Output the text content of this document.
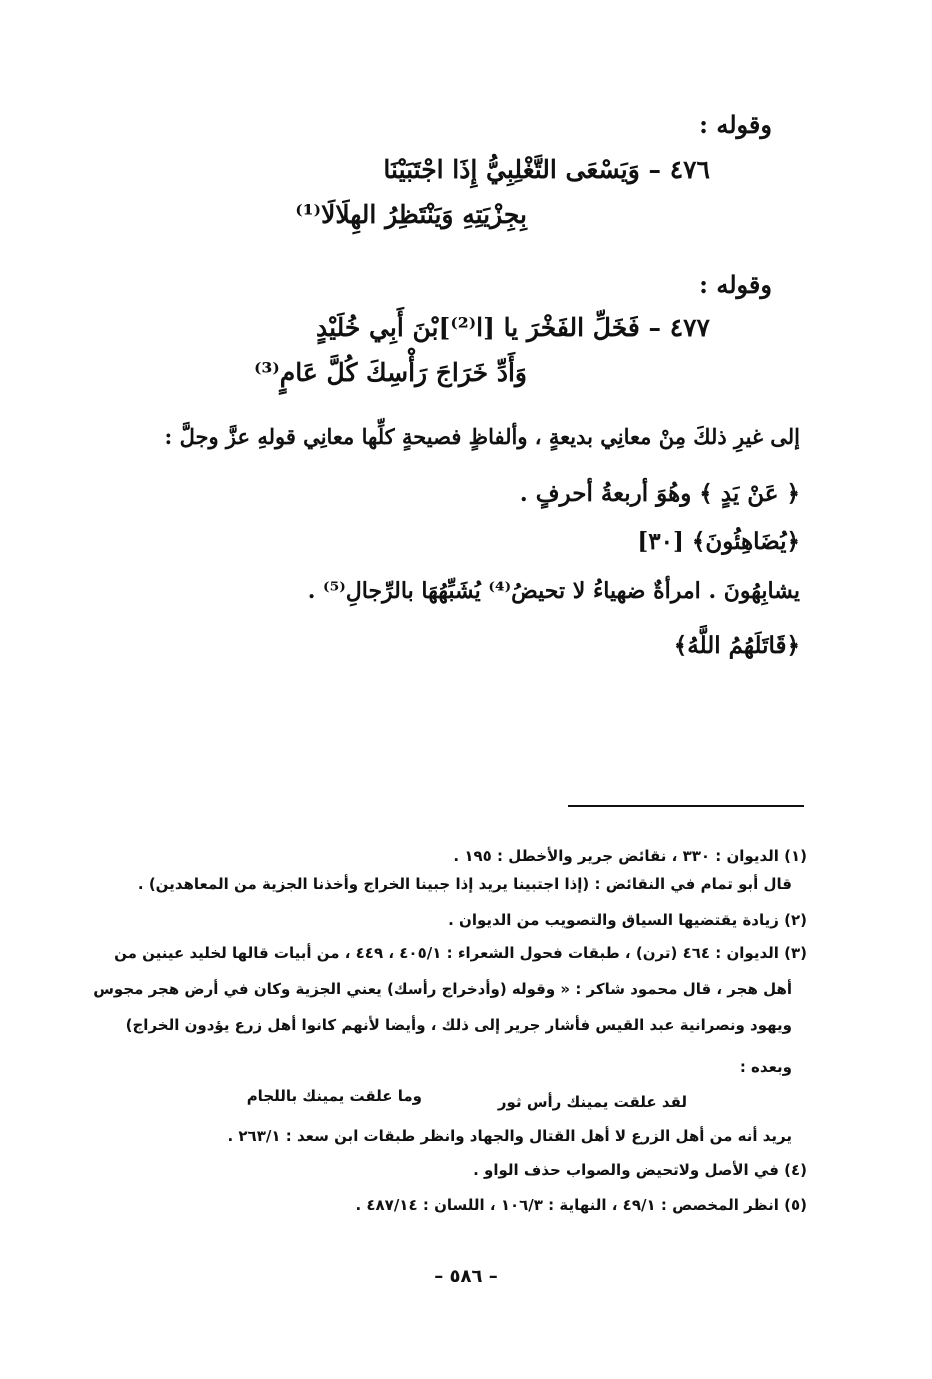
وقوله :
٤٧٦ – وَيَسْعَى التَّغْلِبِيُّ إِذَا اجْتَبَيْنَا
بِجِزْيَتِهِ وَيَنْتَظِرُ الهِلَالَا⁽¹⁾
وقوله :
٤٧٧ – فَخَلِّ الفَخْرَ يا [ا⁽²⁾]بْنَ أَبِي خُلَيْدٍ
وَأَدِّ خَرَاجَ رَأْسِكَ كُلَّ عَامٍ⁽³⁾
إلى غيرِ ذلكَ مِنْ معانِي بديعةٍ ، وألفاظٍ فصيحةٍ كلِّها معانِي قولهِ عزَّ وجلَّ :
﴿ عَنْ يَدٍ ﴾ وهُوَ أربعةُ أحرفٍ .
﴿يُضَاهِئُونَ﴾ [٣٠]
يشابِهُونَ . امرأةٌ ضهياءُ لا تحيضُ⁽⁴⁾ يُشَبِّهُهَا بالرِّجالِ⁽⁵⁾ .
﴿قَاتَلَهُمُ اللَّهُ﴾
(١) الديوان : ٣٣٠ ، نقائض جرير والأخطل : ١٩٥ .
قال أبو تمام في النقائض : (إذا اجتبينا يريد إذا جبينا الخراج وأخذنا الجزية من المعاهدين) .
(٢) زيادة يقتضيها السياق والتصويب من الديوان .
(٣) الديوان : ٤٦٤ (ترن) ، طبقات فحول الشعراء : ٤٠٥/١ ، ٤٤٩ ، من أبيات قالها لخليد عينين من
أهل هجر ، قال محمود شاكر : « وقوله (وأدخراج رأسك) يعني الجزية وكان في أرض هجر مجوس
ويهود ونصرانية عبد القيس فأشار جرير إلى ذلك ، وأيضا لأنهم كانوا أهل زرع يؤدون الخراج)
وبعده :
لقد علقت يمينك رأس ثور
وما علقت يمينك باللجام
يريد أنه من أهل الزرع لا أهل القتال والجهاد وانظر طبقات ابن سعد : ٢٦٣/١ .
(٤) في الأصل ولاتحيض والصواب حذف الواو .
(٥) انظر المخصص : ٤٩/١ ، النهاية : ١٠٦/٣ ، اللسان : ٤٨٧/١٤ .
– ٥٨٦ –
